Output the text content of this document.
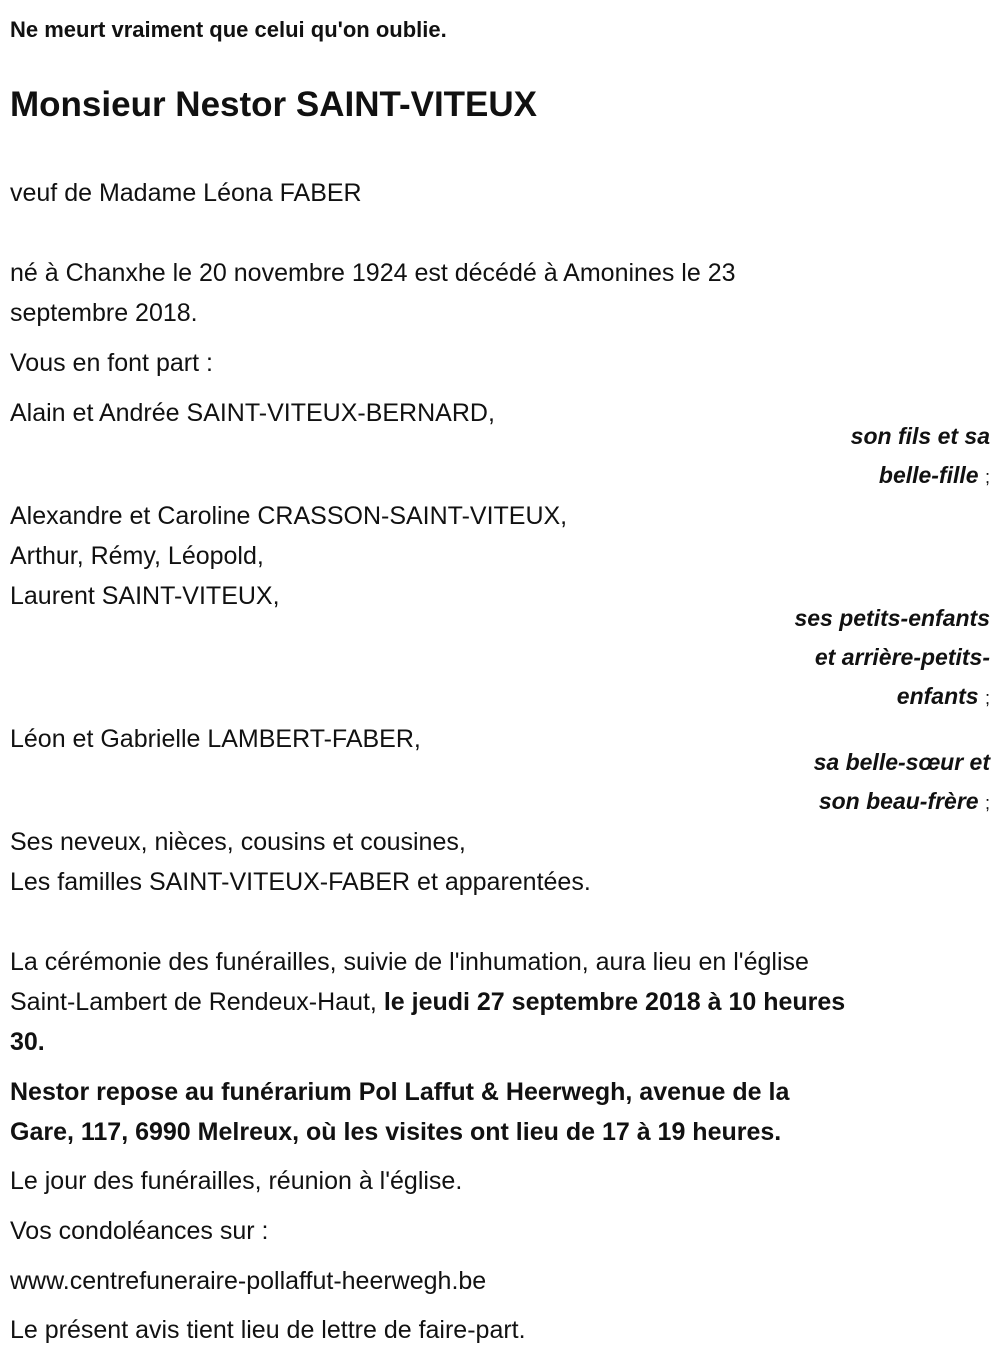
Ne meurt vraiment que celui qu'on oublie.
Monsieur Nestor SAINT-VITEUX
veuf de Madame Léona FABER
né à Chanxhe le 20 novembre 1924 est décédé à Amonines le 23
septembre 2018.
Vous en font part :
Alain et Andrée SAINT-VITEUX-BERNARD,
son fils et sa
belle-fille ;
Alexandre et Caroline CRASSON-SAINT-VITEUX,
Arthur, Rémy, Léopold,
Laurent SAINT-VITEUX,
ses petits-enfants
et arrière-petits-
enfants ;
Léon et Gabrielle LAMBERT-FABER,
sa belle-sœur et
son beau-frère ;
Ses neveux, nièces, cousins et cousines,
Les familles SAINT-VITEUX-FABER et apparentées.
La cérémonie des funérailles, suivie de l'inhumation, aura lieu en l'église
Saint-Lambert de Rendeux-Haut, le jeudi 27 septembre 2018 à 10 heures
30.
Nestor repose au funérarium Pol Laffut & Heerwegh, avenue de la
Gare, 117, 6990 Melreux, où les visites ont lieu de 17 à 19 heures.
Le jour des funérailles, réunion à l'église.
Vos condoléances sur :
www.centrefuneraire-pollaffut-heerwegh.be
Le présent avis tient lieu de lettre de faire-part.
